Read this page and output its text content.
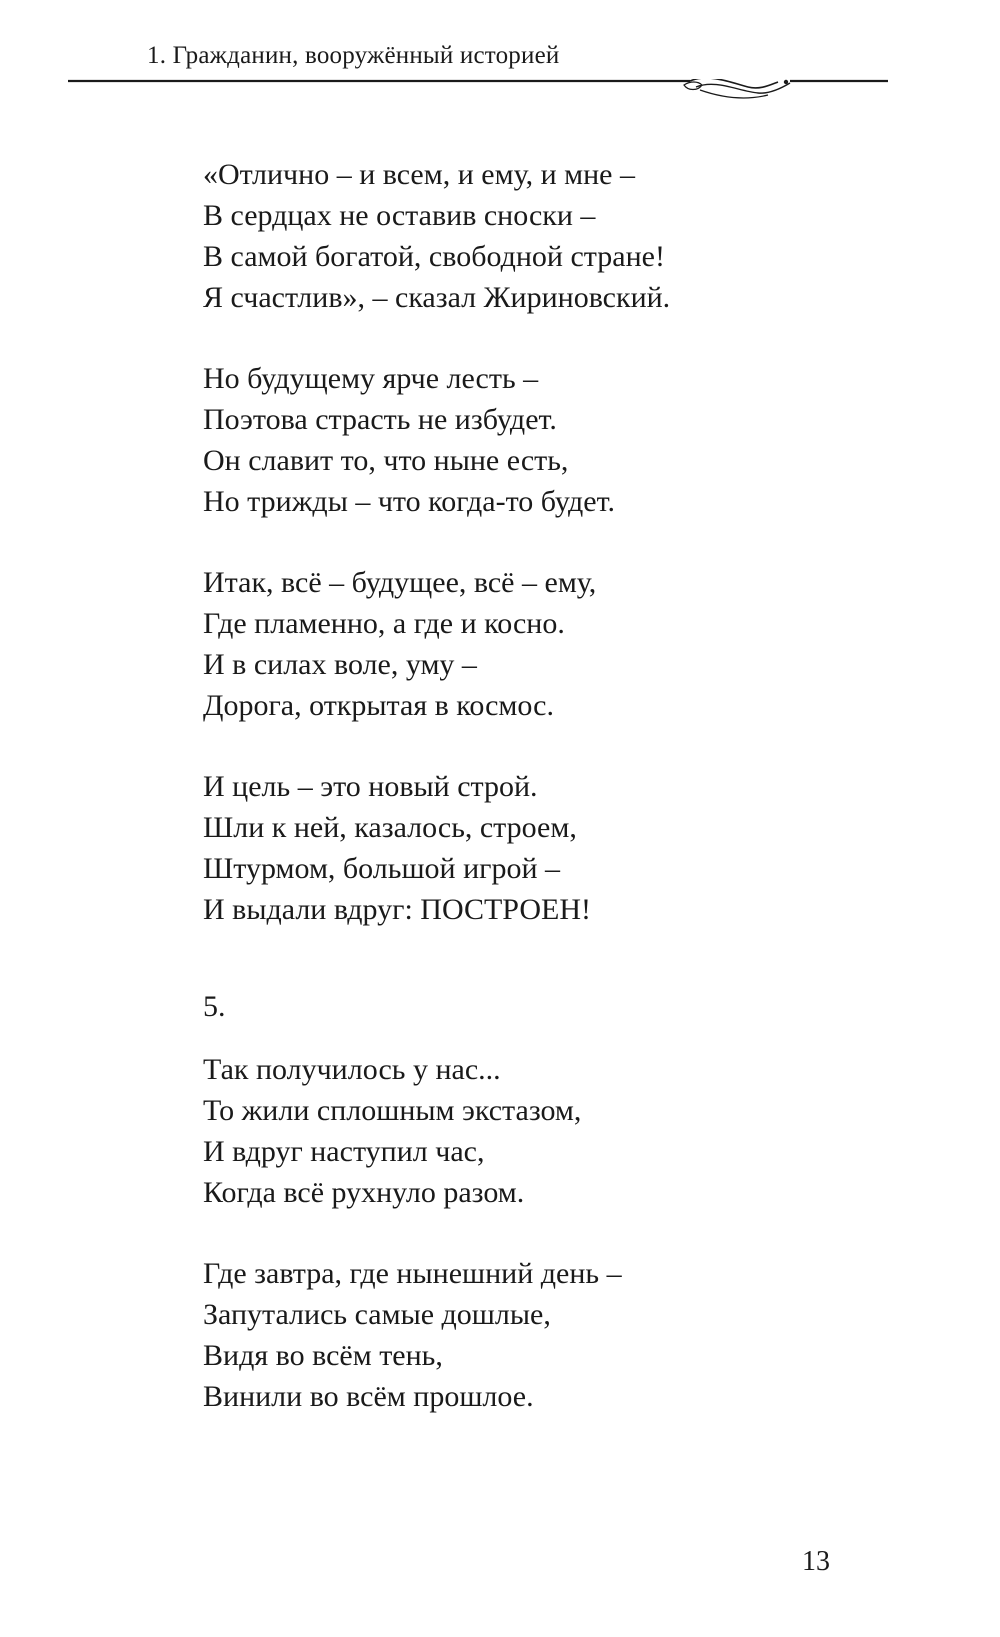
1. Гражданин, вооружённый историей
«Отлично – и всем, и ему, и мне –
В сердцах не оставив сноски –
В самой богатой, свободной стране!
Я счастлив», – сказал Жириновский.
Но будущему ярче лесть –
Поэтова страсть не избудет.
Он славит то, что ныне есть,
Но трижды – что когда-то будет.
Итак, всё – будущее, всё – ему,
Где пламенно, а где и косно.
И в силах воле, уму –
Дорога, открытая в космос.
И цель – это новый строй.
Шли к ней, казалось, строем,
Штурмом, большой игрой –
И выдали вдруг: ПОСТРОЕН!
5.
Так получилось у нас...
То жили сплошным экстазом,
И вдруг наступил час,
Когда всё рухнуло разом.
Где завтра, где нынешний день –
Запутались самые дошлые,
Видя во всём тень,
Винили во всём прошлое.
13
